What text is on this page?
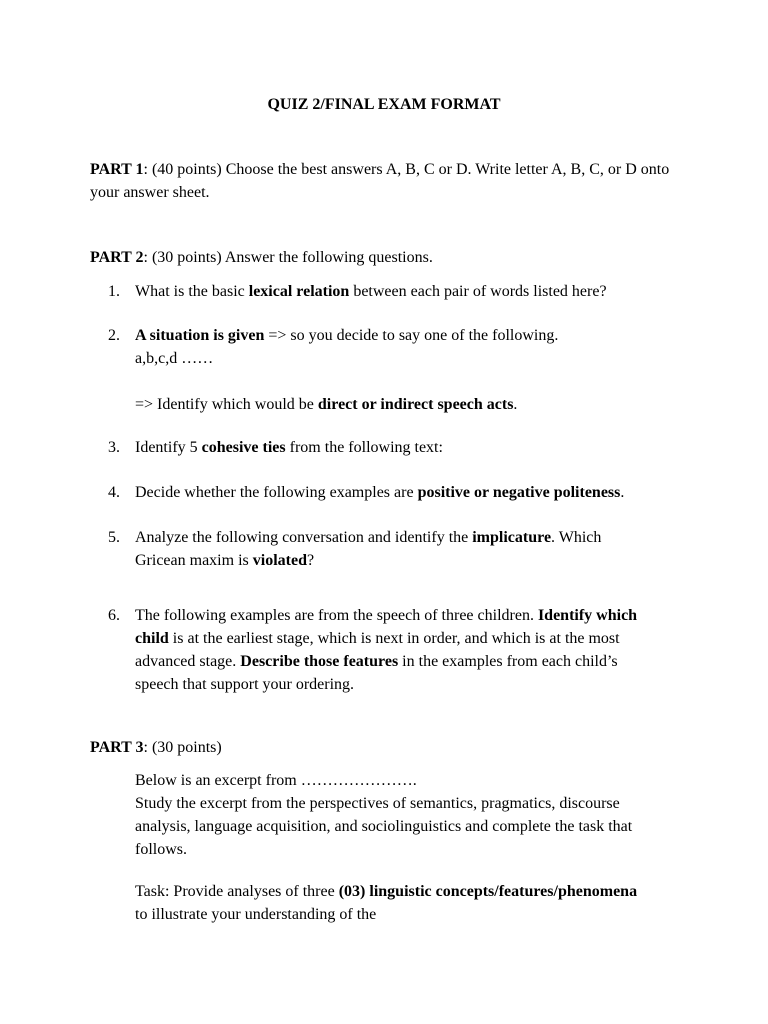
QUIZ 2/FINAL EXAM FORMAT

PART 1: (40 points) Choose the best answers A, B, C or D. Write letter A, B, C, or D onto your answer sheet.

PART 2: (30 points) Answer the following questions.

1. What is the basic lexical relation between each pair of words listed here?
2. A situation is given => so you decide to say one of the following.
a,b,c,d ……

=> Identify which would be direct or indirect speech acts.
3. Identify 5 cohesive ties from the following text:
4. Decide whether the following examples are positive or negative politeness.
5. Analyze the following conversation and identify the implicature. Which Gricean maxim is violated?
6. The following examples are from the speech of three children. Identify which child is at the earliest stage, which is next in order, and which is at the most advanced stage. Describe those features in the examples from each child’s speech that support your ordering.

PART 3: (30 points)

Below is an excerpt from ………………….
Study the excerpt from the perspectives of semantics, pragmatics, discourse analysis, language acquisition, and sociolinguistics and complete the task that follows.
Task: Provide analyses of three (03) linguistic concepts/features/phenomena to illustrate your understanding of the
